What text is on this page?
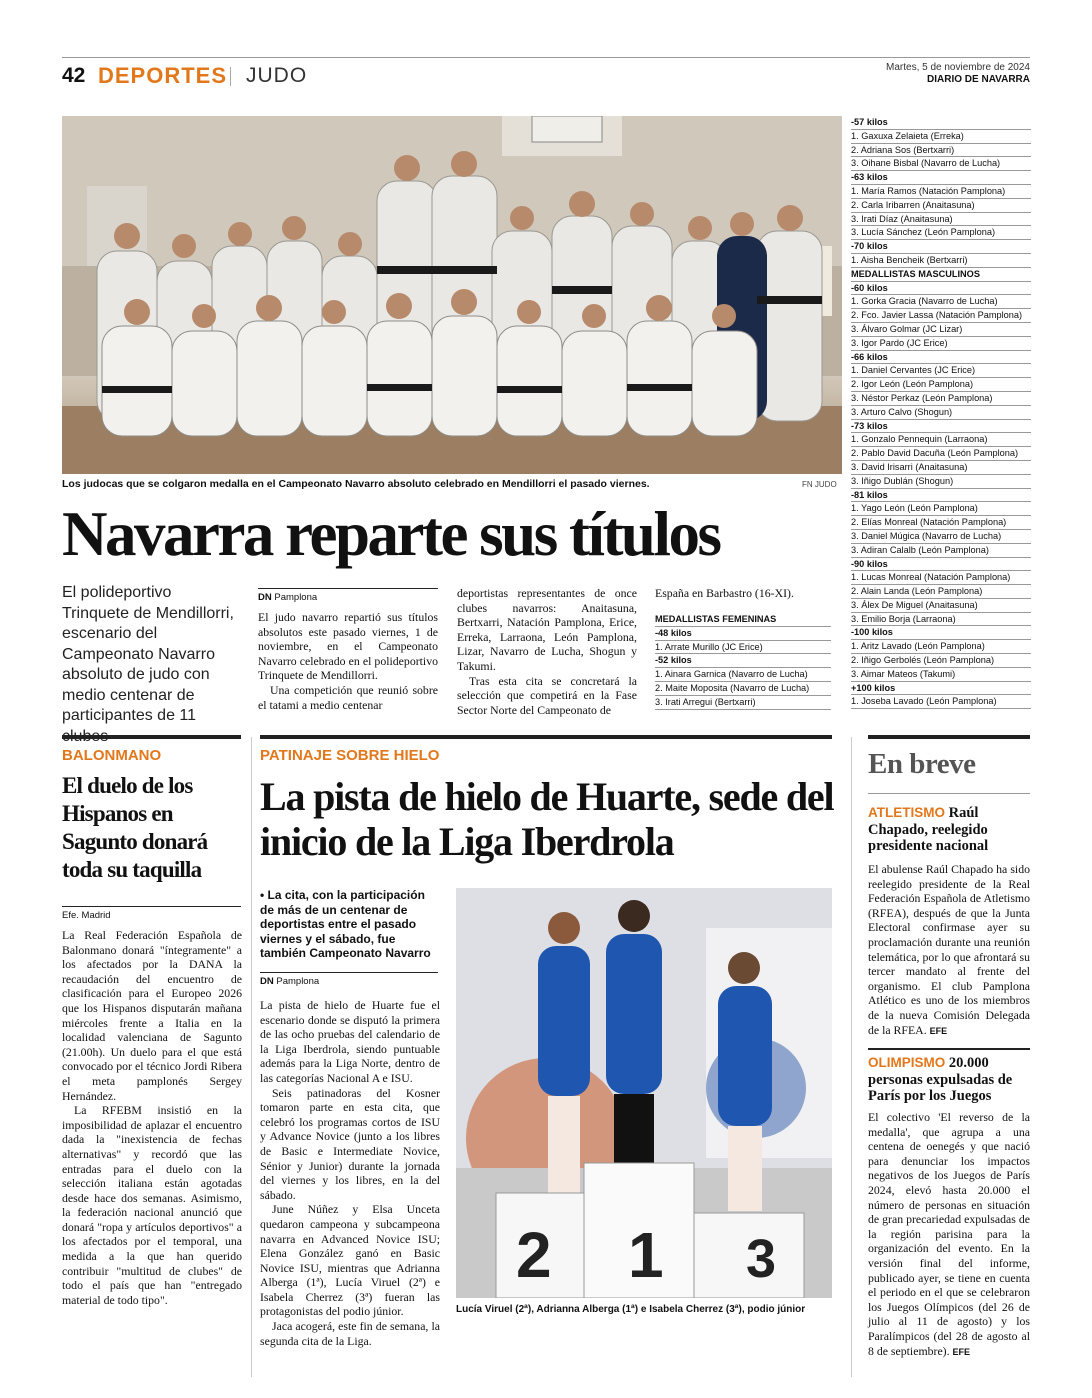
42 DEPORTES JUDO	Martes, 5 de noviembre de 2024
DIARIO DE NAVARRA
Los judocas que se colgaron medalla en el Campeonato Navarro absoluto celebrado en Mendillorri el pasado viernes.	FN JUDO
-57 kilos
1. Gaxuxa Zelaieta (Erreka)
2. Adriana Sos (Bertxarri)
3. Oihane Bisbal (Navarro de Lucha)
-63 kilos
1. María Ramos (Natación Pamplona)
2. Carla Iribarren (Anaitasuna)
3. Irati Díaz (Anaitasuna)
3. Lucía Sánchez (León Pamplona)
-70 kilos
1. Aisha Bencheik (Bertxarri)
MEDALLISTAS MASCULINOS
-60 kilos
1. Gorka Gracia (Navarro de Lucha)
2. Fco. Javier Lassa (Natación Pamplona)
3. Álvaro Golmar (JC Lizar)
3. Igor Pardo (JC Erice)
-66 kilos
1. Daniel Cervantes (JC Erice)
2. Igor León (León Pamplona)
3. Néstor Perkaz (León Pamplona)
3. Arturo Calvo (Shogun)
-73 kilos
1. Gonzalo Pennequin (Larraona)
2. Pablo David Dacuña (León Pamplona)
3. David Irisarri (Anaitasuna)
3. Iñigo Dublán (Shogun)
-81 kilos
1. Yago León (León Pamplona)
2. Elías Monreal (Natación Pamplona)
3. Daniel Múgica (Navarro de Lucha)
3. Adiran Calalb (León Pamplona)
-90 kilos
1. Lucas Monreal (Natación Pamplona)
2. Alain Landa (León Pamplona)
3. Álex De Miguel (Anaitasuna)
3. Emilio Borja (Larraona)
-100 kilos
1. Aritz Lavado (León Pamplona)
2. Iñigo Gerbolés (León Pamplona)
3. Aimar Mateos (Takumi)
+100 kilos
1. Joseba Lavado (León Pamplona)
Navarra reparte sus títulos
El polideportivo Trinquete de Mendillorri, escenario del Campeonato Navarro absoluto de judo con medio centenar de participantes de 11
DN Pamplona

El judo navarro repartió sus títulos absolutos este pasado viernes, 1 de noviembre, en el Campeonato Navarro celebrado en el polideportivo Trinquete de Mendillorri.

Una competición que reunió sobre el tatami a medio centenar

deportistas representantes de once clubes navarros: Anaitasuna, Bertxarri, Natación Pamplona, Erice, Erreka, Larraona, León Pamplona, Lizar, Navarro de Lucha, Shogun y Takumi.

Tras esta cita se concretará la selección que competirá en la Fase Sector Norte del Campeonato de

España en Barbastro (16-XI).

MEDALLISTAS FEMENINAS
-48 kilos
1. Arrate Murillo (JC Erice)
-52 kilos
1. Ainara Garnica (Navarro de Lucha)
2. Maite Moposita (Navarro de Lucha)
3. Irati Arregui (Bertxarri)
BALONMANO
El duelo de los Hispanos en Sagunto donará toda su taquilla
Efe. Madrid

La Real Federación Española de Balonmano donará "íntegramente" a los afectados por la DANA la recaudación del encuentro de clasificación para el Europeo 2026 que los Hispanos disputarán mañana miércoles frente a Italia en la localidad valenciana de Sagunto (21.00h). Un duelo para el que está convocado por el técnico Jordi Ribera el meta pamplonés Sergey Hernández.

La RFEBM insistió en la imposibilidad de aplazar el encuentro dada la "inexistencia de fechas alternativas" y recordó que las entradas para el duelo con la selección italiana están agotadas desde hace dos semanas. Asimismo, la federación nacional anunció que donará "ropa y artículos deportivos" a los afectados por el temporal, una medida a la que han querido contribuir "multitud de clubes" de todo el país que han "entregado material de todo tipo".

PATINAJE SOBRE HIELO
La pista de hielo de Huarte, sede del inicio de la Liga Iberdrola
• La cita, con la participación de más de un centenar de deportistas entre el pasado viernes y el sábado, fue también Campeonato Navarro
DN Pamplona

La pista de hielo de Huarte fue el escenario donde se disputó la primera de las ocho pruebas del calendario de la Liga Iberdrola, siendo puntuable además para la Liga Norte, dentro de las categorías Nacional A e ISU.

Seis patinadoras del Kosner tomaron parte en esta cita, que celebró los programas cortos de ISU y Advance Novice (junto a los libres de Basic e Intermediate Novice, Sénior y Junior) durante la jornada del viernes y los libres, en la del sábado.

June Núñez y Elsa Unceta quedaron campeona y subcampeona navarra en Advanced Novice ISU; Elena González ganó en Basic Novice ISU, mientras que Adrianna Alberga (1ª), Lucía Viruel (2ª) e Isabela Cherrez (3ª) fueran las protagonistas del podio júnior.

Jaca acogerá, este fin de semana, la segunda cita de la Liga.

2 1 3
Lucía Viruel (2ª), Adrianna Alberga (1ª) e Isabela Cherrez (3ª), podio júnior
En breve
ATLETISMO Raúl Chapado, reelegido presidente nacional

El abulense Raúl Chapado ha sido reelegido presidente de la Real Federación Española de Atletismo (RFEA), después de que la Junta Electoral confirmase ayer su proclamación durante una reunión telemática, por lo que afrontará su tercer mandato al frente del organismo. El club Pamplona Atlético es uno de los miembros de la nueva Comisión Delegada de la RFEA. EFE

OLIMPISMO 20.000 personas expulsadas de París por los Juegos

El colectivo 'El reverso de la medalla', que agrupa a una centena de oenegés y que nació para denunciar los impactos negativos de los Juegos de París 2024, elevó hasta 20.000 el número de personas en situación de gran precariedad expulsadas de la región parisina para la organización del evento. En la versión final del informe, publicado ayer, se tiene en cuenta el periodo en el que se celebraron los Juegos Olímpicos (del 26 de julio al 11 de agosto) y los Paralímpicos (del 28 de agosto al 8 de septiembre). EFE
